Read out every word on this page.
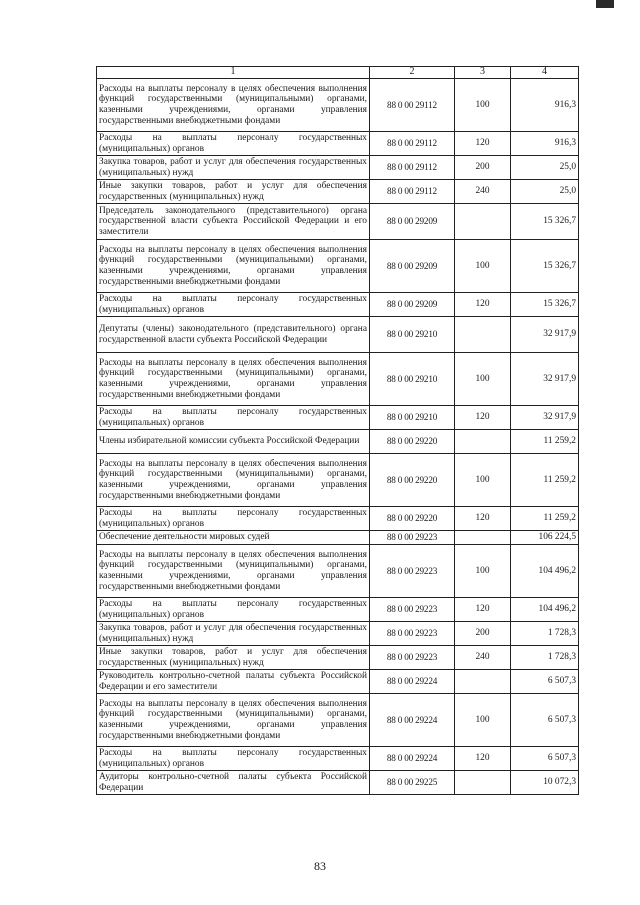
1	2	3	4
Расходы на выплаты персоналу в целях обеспечения выполнения функций государственными (муниципальными) органами, казенными учреждениями, органами управления государственными внебюджетными фондами	88 0 00 29112	100	916,3
Расходы на выплаты персоналу государственных (муниципальных) органов	88 0 00 29112	120	916,3
Закупка товаров, работ и услуг для обеспечения государственных (муниципальных) нужд	88 0 00 29112	200	25,0
Иные закупки товаров, работ и услуг для обеспечения государственных (муниципальных) нужд	88 0 00 29112	240	25,0
Председатель законодательного (представительного) органа государственной власти субъекта Российской Федерации и его заместители	88 0 00 29209		15 326,7
Расходы на выплаты персоналу в целях обеспечения выполнения функций государственными (муниципальными) органами, казенными учреждениями, органами управления государственными внебюджетными фондами	88 0 00 29209	100	15 326,7
Расходы на выплаты персоналу государственных (муниципальных) органов	88 0 00 29209	120	15 326,7
Депутаты (члены) законодательного (представительного) органа государственной власти субъекта Российской Федерации	88 0 00 29210		32 917,9
Расходы на выплаты персоналу в целях обеспечения выполнения функций государственными (муниципальными) органами, казенными учреждениями, органами управления государственными внебюджетными фондами	88 0 00 29210	100	32 917,9
Расходы на выплаты персоналу государственных (муниципальных) органов	88 0 00 29210	120	32 917,9
Члены избирательной комиссии субъекта Российской Федерации	88 0 00 29220		11 259,2
Расходы на выплаты персоналу в целях обеспечения выполнения функций государственными (муниципальными) органами, казенными учреждениями, органами управления государственными внебюджетными фондами	88 0 00 29220	100	11 259,2
Расходы на выплаты персоналу государственных (муниципальных) органов	88 0 00 29220	120	11 259,2
Обеспечение деятельности мировых судей	88 0 00 29223		106 224,5
Расходы на выплаты персоналу в целях обеспечения выполнения функций государственными (муниципальными) органами, казенными учреждениями, органами управления государственными внебюджетными фондами	88 0 00 29223	100	104 496,2
Расходы на выплаты персоналу государственных (муниципальных) органов	88 0 00 29223	120	104 496,2
Закупка товаров, работ и услуг для обеспечения государственных (муниципальных) нужд	88 0 00 29223	200	1 728,3
Иные закупки товаров, работ и услуг для обеспечения государственных (муниципальных) нужд	88 0 00 29223	240	1 728,3
Руководитель контрольно-счетной палаты субъекта Российской Федерации и его заместители	88 0 00 29224		6 507,3
Расходы на выплаты персоналу в целях обеспечения выполнения функций государственными (муниципальными) органами, казенными учреждениями, органами управления государственными внебюджетными фондами	88 0 00 29224	100	6 507,3
Расходы на выплаты персоналу государственных (муниципальных) органов	88 0 00 29224	120	6 507,3
Аудиторы контрольно-счетной палаты субъекта Российской Федерации	88 0 00 29225		10 072,3
83
